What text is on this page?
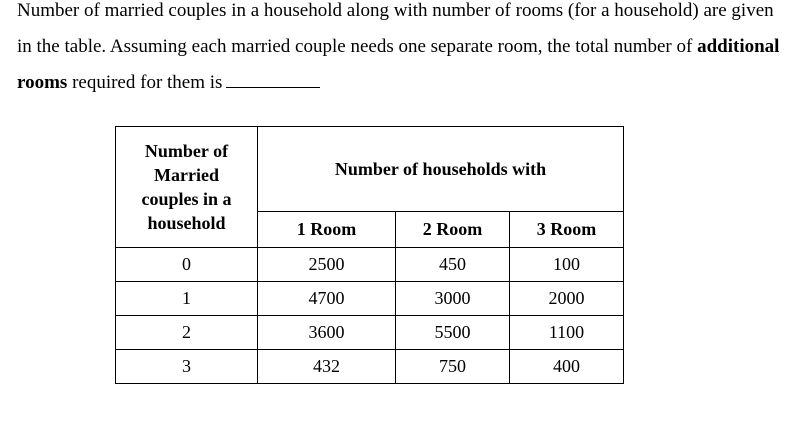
Number of married couples in a household along with number of rooms (for a household) are given in the table. Assuming each married couple needs one separate room, the total number of additional rooms required for them is
Number of
Married
couples in a
household	Number of households with		
	1 Room	2 Room	3 Room
0	2500	450	100
1	4700	3000	2000
2	3600	5500	1100
3	432	750	400
